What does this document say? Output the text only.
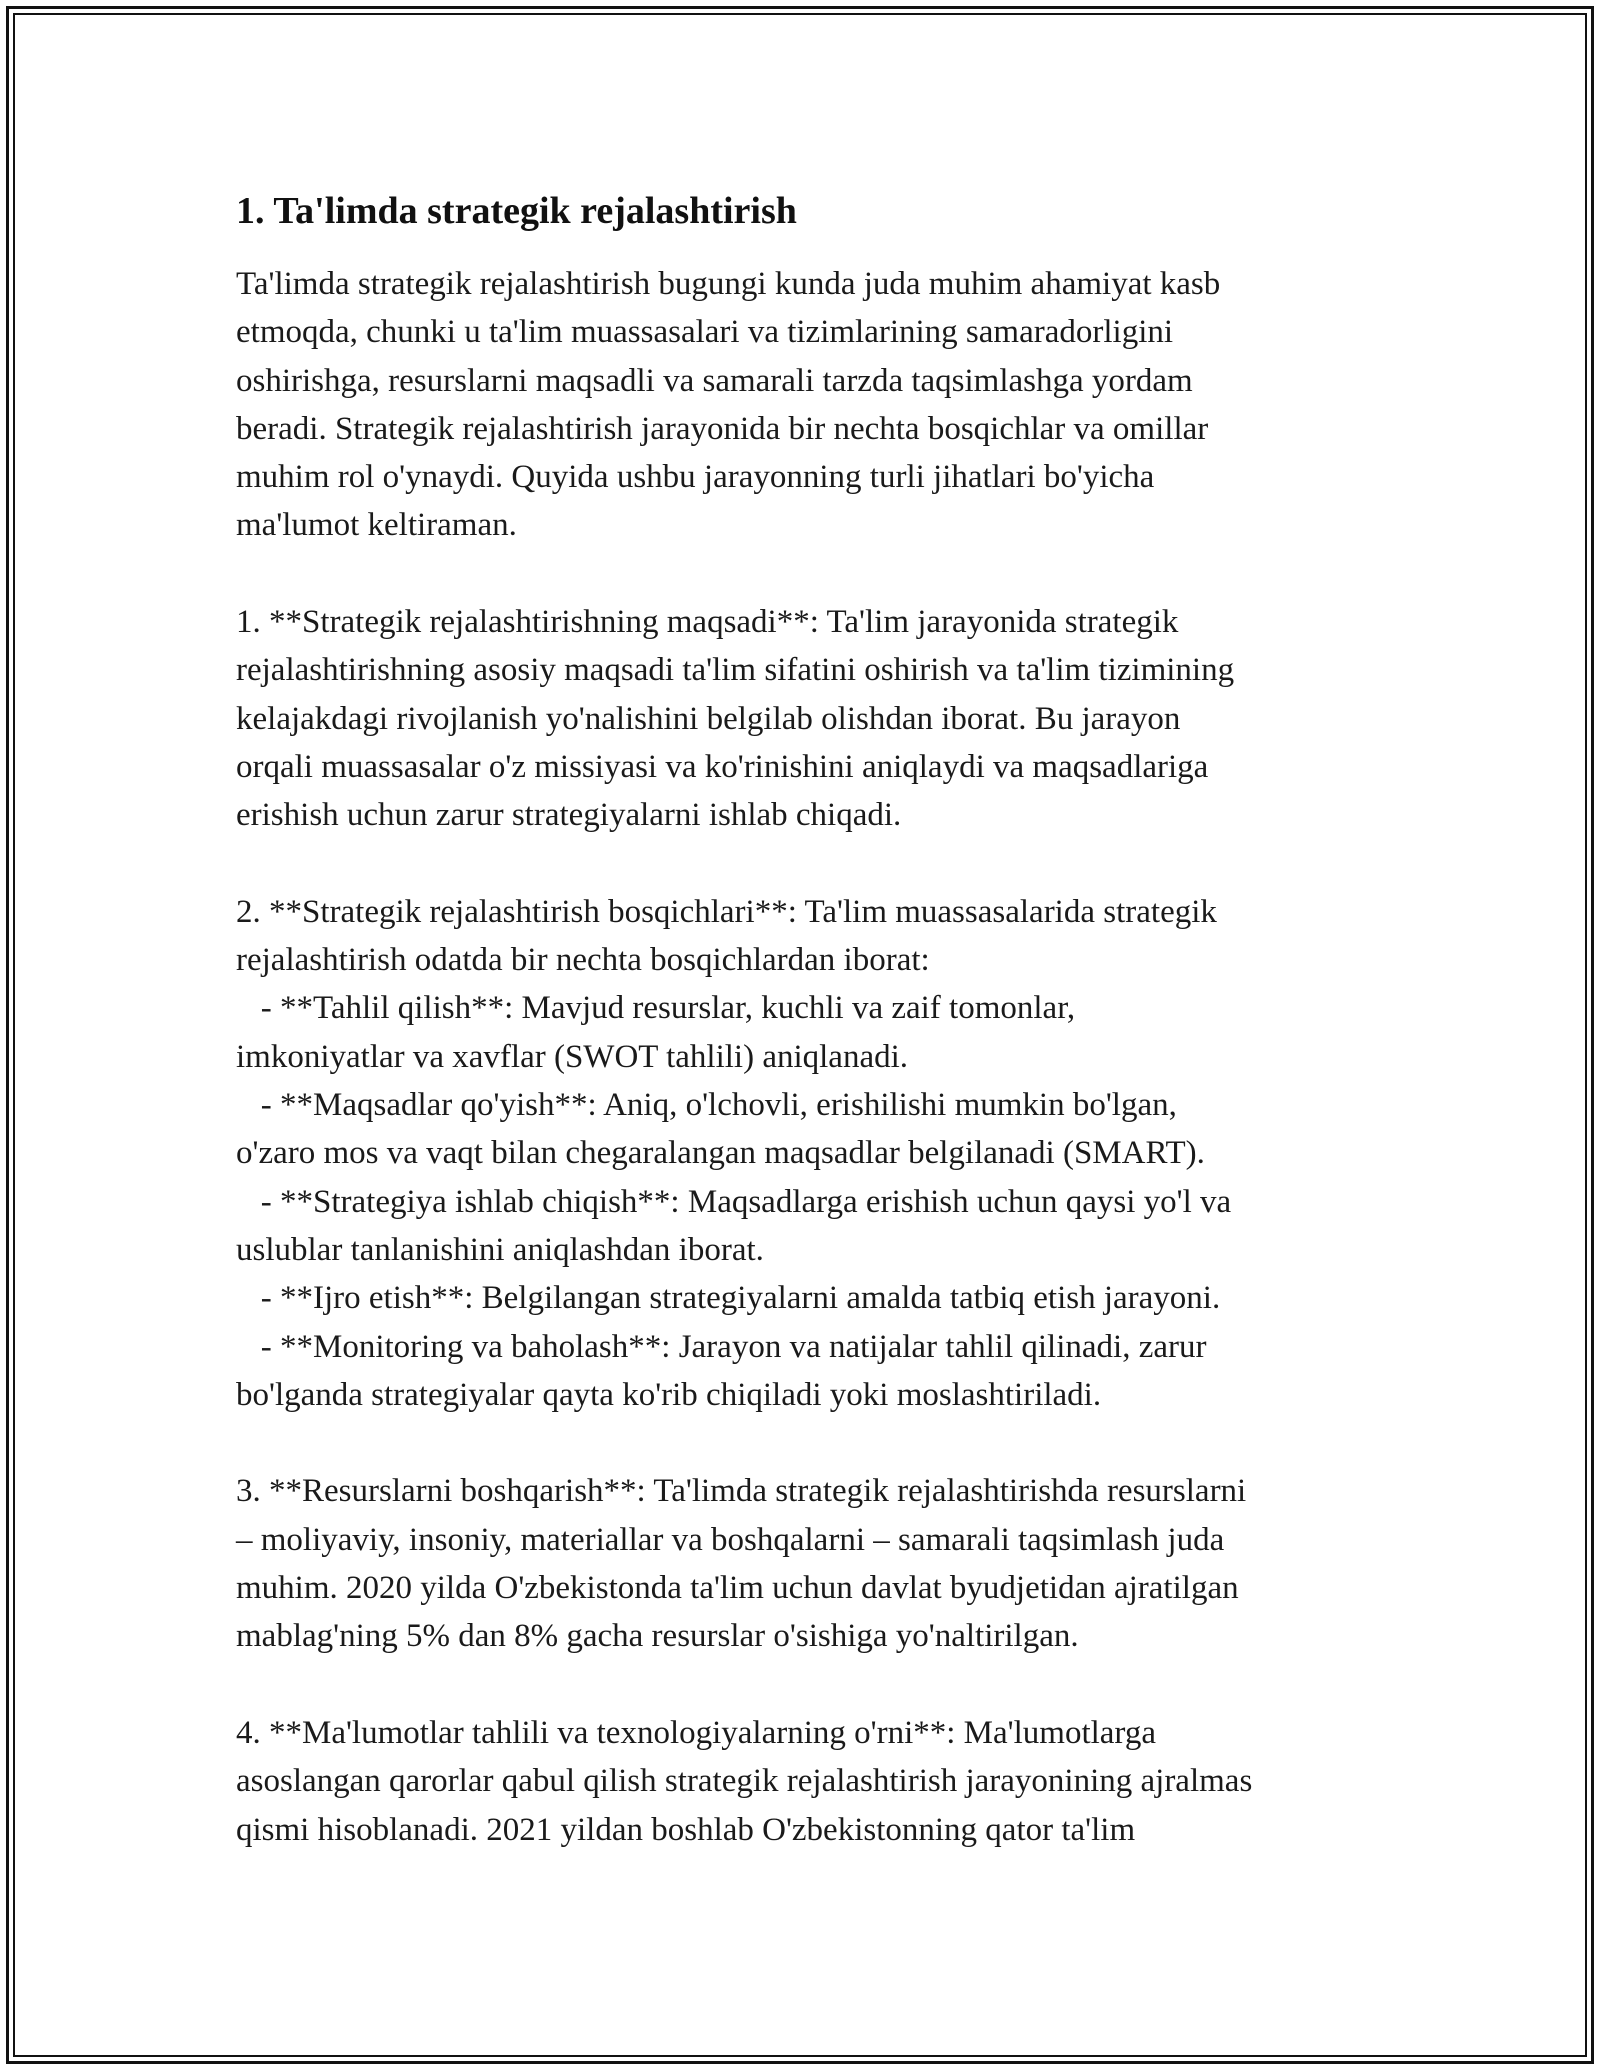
1. Ta'limda strategik rejalashtirish
Ta'limda strategik rejalashtirish bugungi kunda juda muhim ahamiyat kasb
etmoqda, chunki u ta'lim muassasalari va tizimlarining samaradorligini
oshirishga, resurslarni maqsadli va samarali tarzda taqsimlashga yordam
beradi. Strategik rejalashtirish jarayonida bir nechta bosqichlar va omillar
muhim rol o'ynaydi. Quyida ushbu jarayonning turli jihatlari bo'yicha
ma'lumot keltiraman.
1. **Strategik rejalashtirishning maqsadi**: Ta'lim jarayonida strategik
rejalashtirishning asosiy maqsadi ta'lim sifatini oshirish va ta'lim tizimining
kelajakdagi rivojlanish yo'nalishini belgilab olishdan iborat. Bu jarayon
orqali muassasalar o'z missiyasi va ko'rinishini aniqlaydi va maqsadlariga
erishish uchun zarur strategiyalarni ishlab chiqadi.
2. **Strategik rejalashtirish bosqichlari**: Ta'lim muassasalarida strategik
rejalashtirish odatda bir nechta bosqichlardan iborat:
- **Tahlil qilish**: Mavjud resurslar, kuchli va zaif tomonlar,
imkoniyatlar va xavflar (SWOT tahlili) aniqlanadi.
- **Maqsadlar qo'yish**: Aniq, o'lchovli, erishilishi mumkin bo'lgan,
o'zaro mos va vaqt bilan chegaralangan maqsadlar belgilanadi (SMART).
- **Strategiya ishlab chiqish**: Maqsadlarga erishish uchun qaysi yo'l va
uslublar tanlanishini aniqlashdan iborat.
- **Ijro etish**: Belgilangan strategiyalarni amalda tatbiq etish jarayoni.
- **Monitoring va baholash**: Jarayon va natijalar tahlil qilinadi, zarur
bo'lganda strategiyalar qayta ko'rib chiqiladi yoki moslashtiriladi.
3. **Resurslarni boshqarish**: Ta'limda strategik rejalashtirishda resurslarni
– moliyaviy, insoniy, materiallar va boshqalarni – samarali taqsimlash juda
muhim. 2020 yilda O'zbekistonda ta'lim uchun davlat byudjetidan ajratilgan
mablag'ning 5% dan 8% gacha resurslar o'sishiga yo'naltirilgan.
4. **Ma'lumotlar tahlili va texnologiyalarning o'rni**: Ma'lumotlarga
asoslangan qarorlar qabul qilish strategik rejalashtirish jarayonining ajralmas
qismi hisoblanadi. 2021 yildan boshlab O'zbekistonning qator ta'lim
